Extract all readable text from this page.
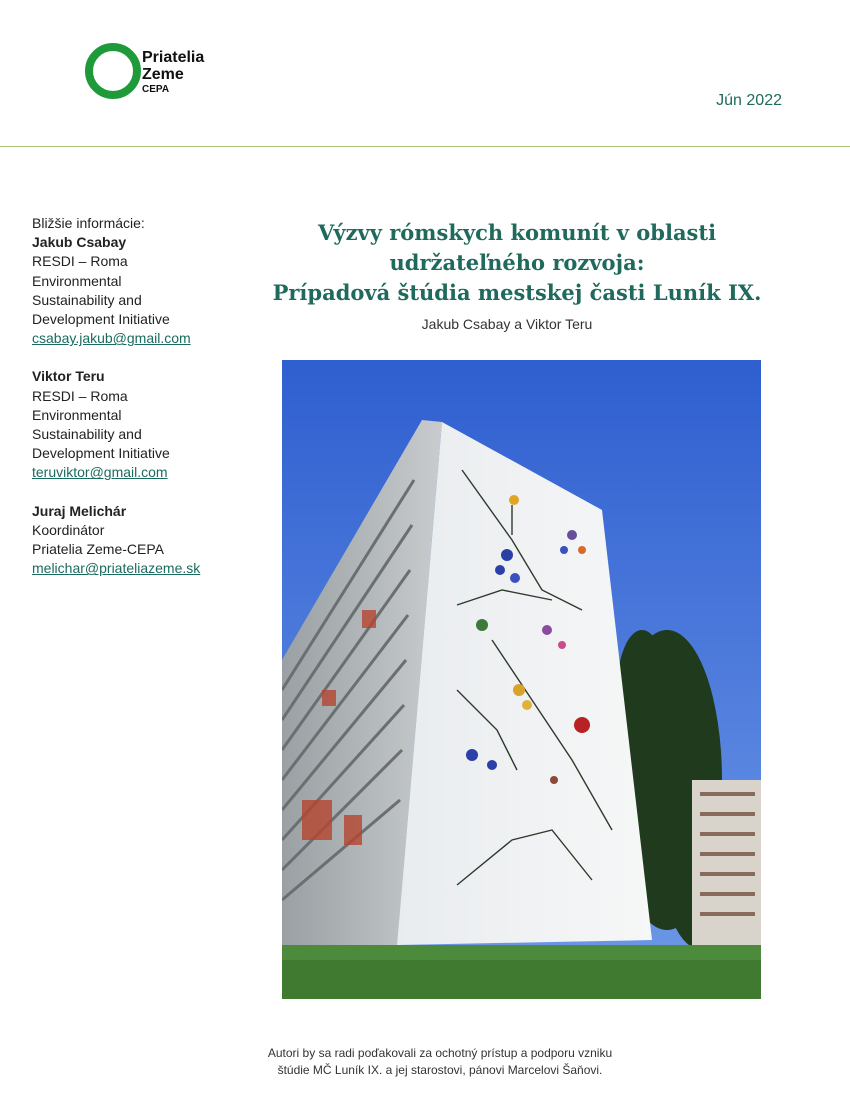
Priatelia
Zeme
CEPA
Jún 2022
Bližšie informácie:
Jakub Csabay
RESDI – Roma
Environmental
Sustainability and
Development Initiative
csabay.jakub@gmail.com
Viktor Teru
RESDI – Roma
Environmental
Sustainability and
Development Initiative
teruviktor@gmail.com
Juraj Melichár
Koordinátor
Priatelia Zeme-CEPA
melichar@priateliazeme.sk
Výzvy rómskych komunít v oblasti
udržateľného rozvoja:
Prípadová štúdia mestskej časti Luník IX.
Jakub Csabay a Viktor Teru
Autori by sa radi poďakovali za ochotný prístup a podporu vzniku
štúdie MČ Luník IX. a jej starostovi, pánovi Marcelovi Šaňovi.
